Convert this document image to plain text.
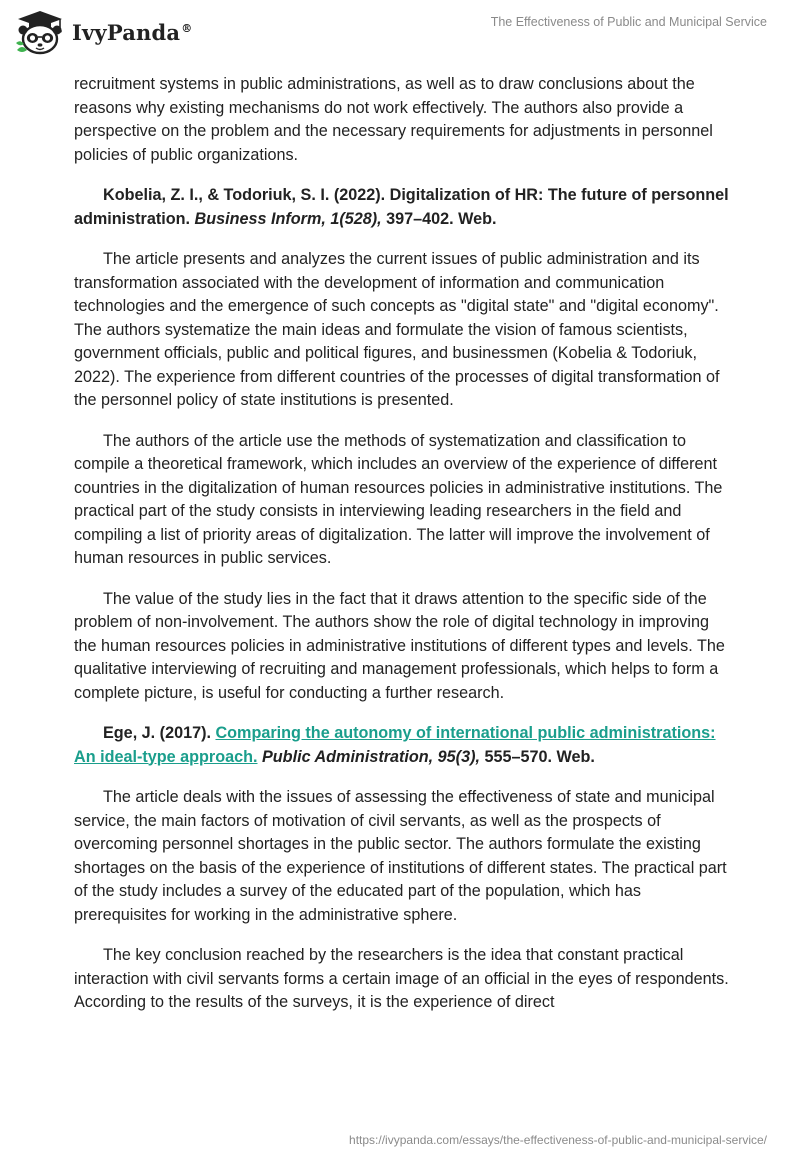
IvyPanda®	The Effectiveness of Public and Municipal Service

recruitment systems in public administrations, as well as to draw conclusions about the reasons why existing mechanisms do not work effectively. The authors also provide a perspective on the problem and the necessary requirements for adjustments in personnel policies of public organizations.

Kobelia, Z. I., & Todoriuk, S. I. (2022). Digitalization of HR: The future of personnel administration. Business Inform, 1(528), 397–402. Web.

The article presents and analyzes the current issues of public administration and its transformation associated with the development of information and communication technologies and the emergence of such concepts as "digital state" and "digital economy". The authors systematize the main ideas and formulate the vision of famous scientists, government officials, public and political figures, and businessmen (Kobelia & Todoriuk, 2022). The experience from different countries of the processes of digital transformation of the personnel policy of state institutions is presented.

The authors of the article use the methods of systematization and classification to compile a theoretical framework, which includes an overview of the experience of different countries in the digitalization of human resources policies in administrative institutions. The practical part of the study consists in interviewing leading researchers in the field and compiling a list of priority areas of digitalization. The latter will improve the involvement of human resources in public services.

The value of the study lies in the fact that it draws attention to the specific side of the problem of non-involvement. The authors show the role of digital technology in improving the human resources policies in administrative institutions of different types and levels. The qualitative interviewing of recruiting and management professionals, which helps to form a complete picture, is useful for conducting a further research.

Ege, J. (2017). Comparing the autonomy of international public administrations: An ideal-type approach. Public Administration, 95(3), 555–570. Web.

The article deals with the issues of assessing the effectiveness of state and municipal service, the main factors of motivation of civil servants, as well as the prospects of overcoming personnel shortages in the public sector. The authors formulate the existing shortages on the basis of the experience of institutions of different states. The practical part of the study includes a survey of the educated part of the population, which has prerequisites for working in the administrative sphere.

The key conclusion reached by the researchers is the idea that constant practical interaction with civil servants forms a certain image of an official in the eyes of respondents. According to the results of the surveys, it is the experience of direct

https://ivypanda.com/essays/the-effectiveness-of-public-and-municipal-service/
